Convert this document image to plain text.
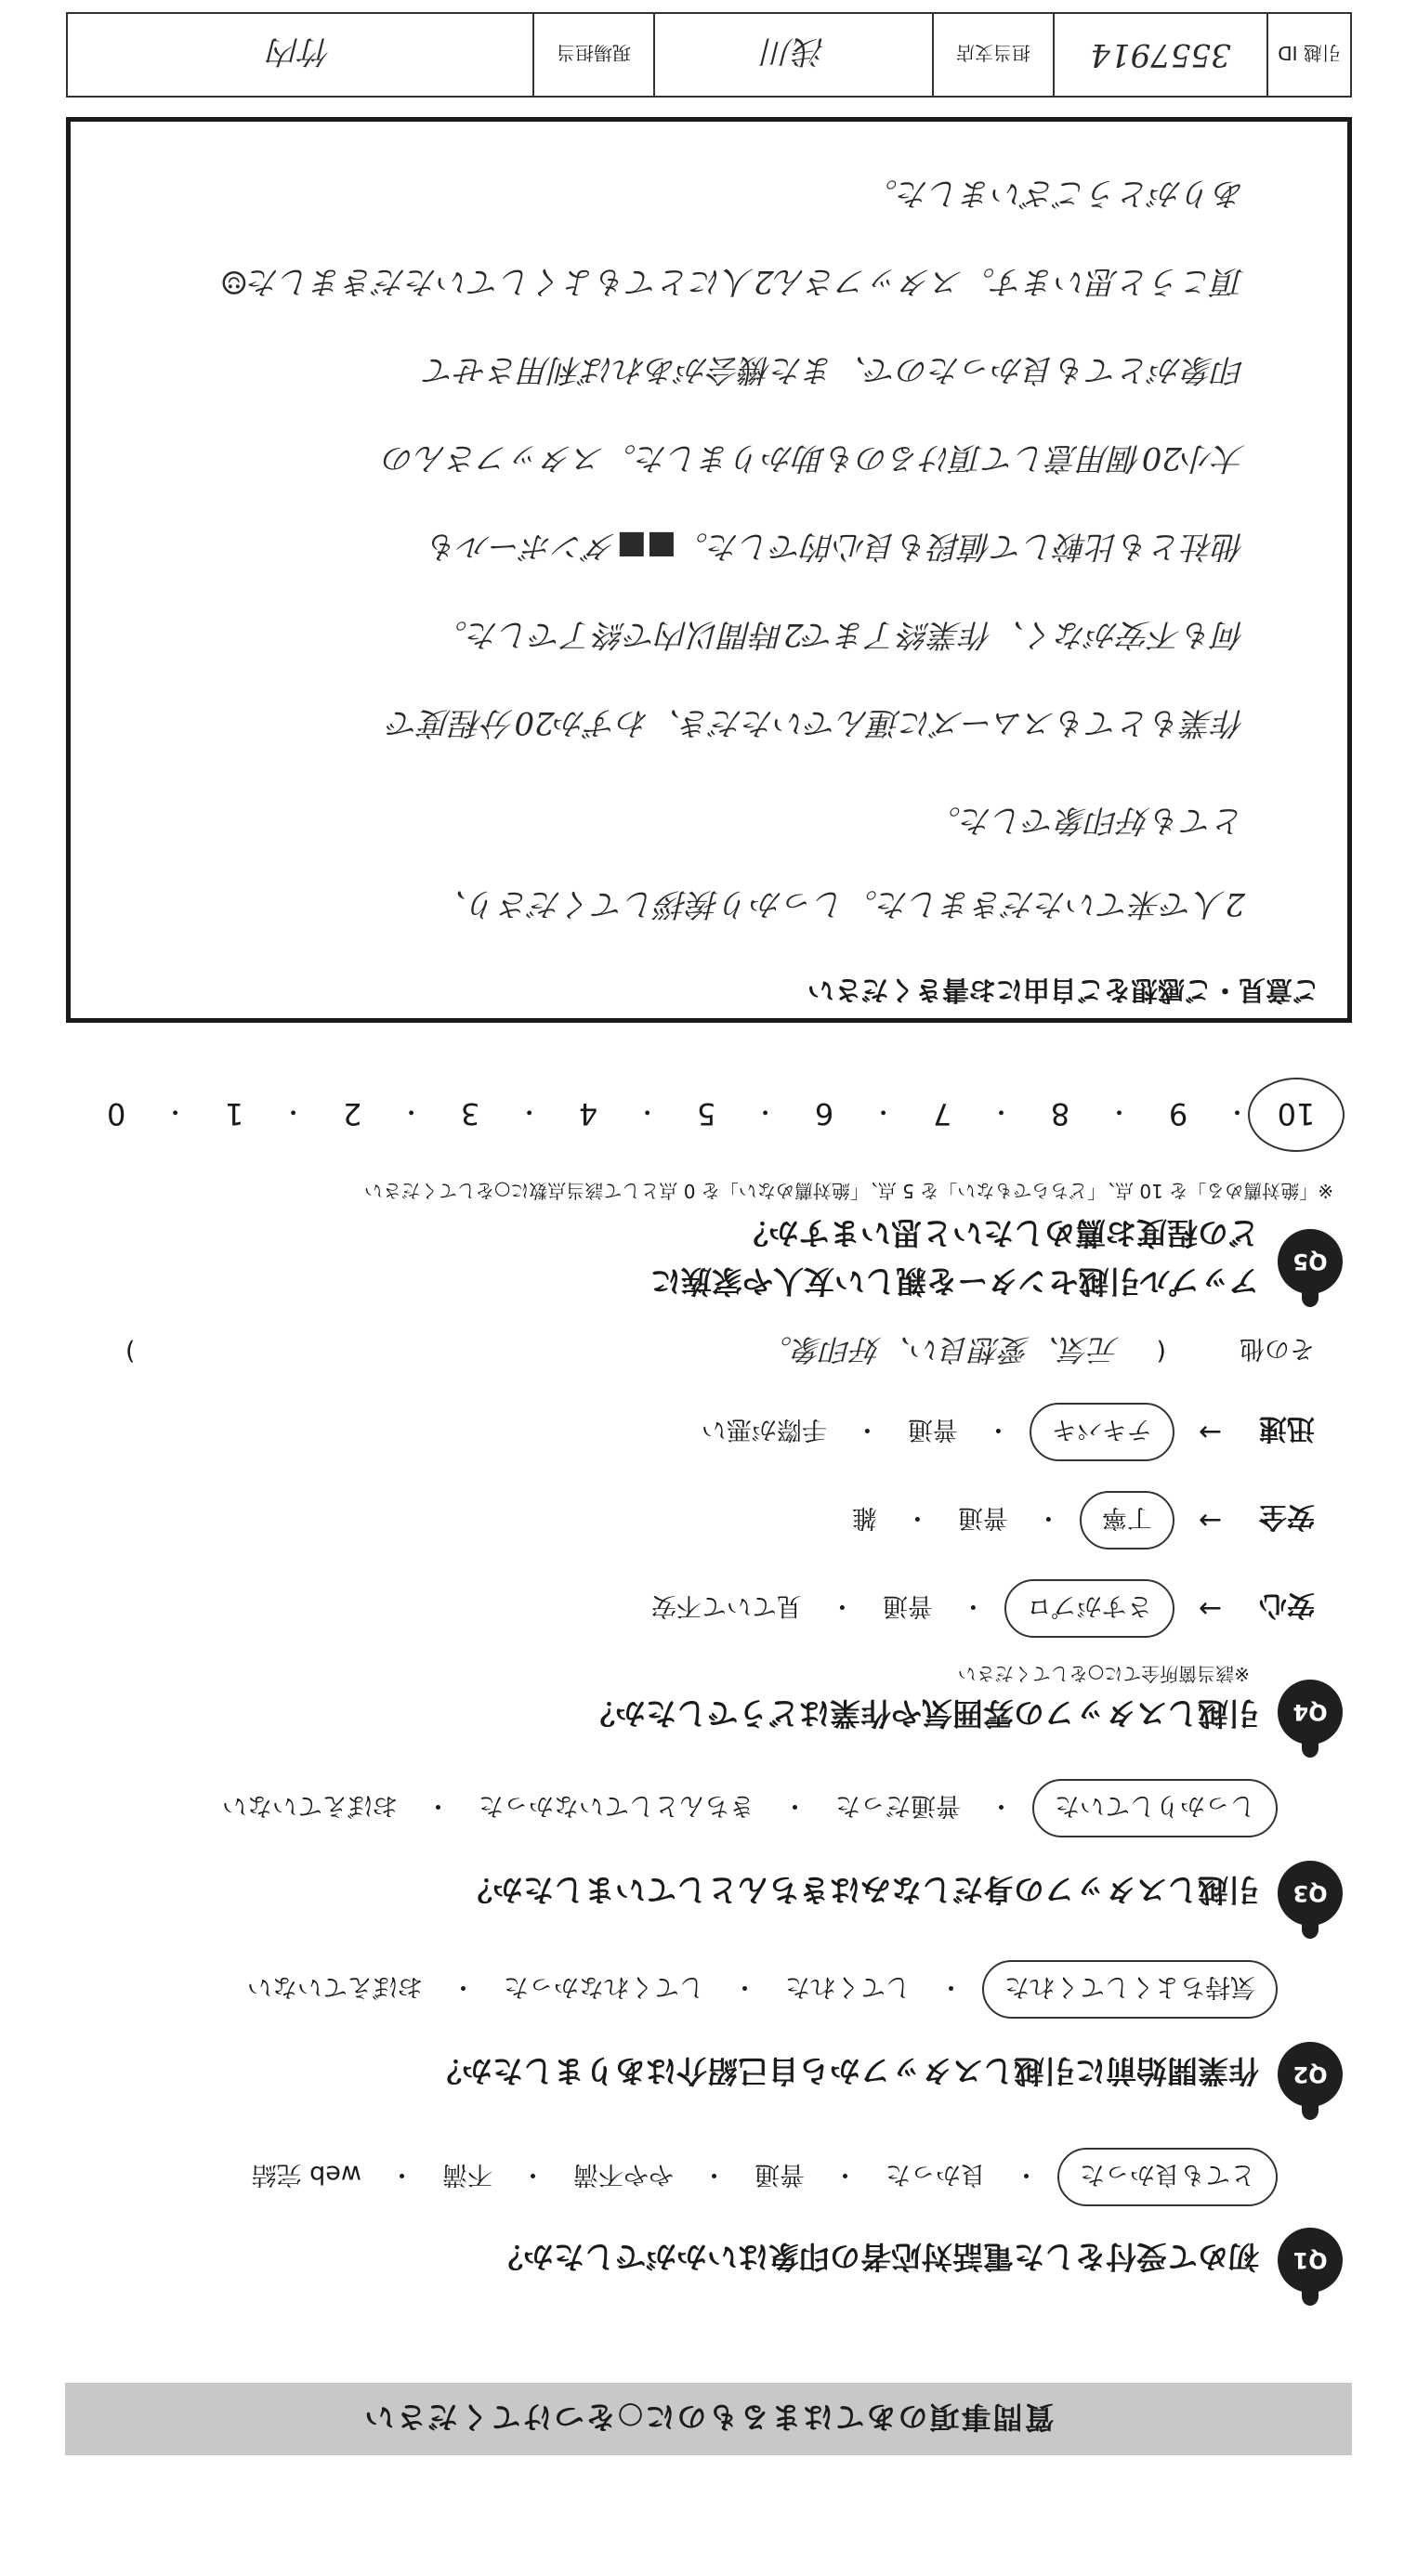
質問事項のあてはまるものに○をつけてください
Q1
初めて受付をした電話対応者の印象はいかがでしたか？
とても良かった
・
良かった
・
普通
・
やや不満
・
不満
・
web 完結
Q2
作業開始前に引越しスタッフから自己紹介はありましたか？
気持ちよくしてくれた
・
してくれた
・
してくれなかった
・
おぼえていない
Q3
引越しスタッフの身だしなみはきちんとしていましたか？
しっかりしていた
・
普通だった
・
きちんとしていなかった
・
おぼえていない
Q4
引越しスタッフの雰囲気や作業はどうでしたか？
※該当箇所全てに○をしてください
安心
→
さすがプロ
・
普通
・
見ていて不安
安全
→
丁寧
・
普通
・
雑
迅速
→
テキパキ
・
普通
・
手際が悪い
その他
(
元気、愛想良い、好印象。
)
Q5
アップル引越センターを親しい友人や家族に
どの程度お薦めしたいと思いますか？
※「絶対薦める」を 10 点、「どちらでもない」を 5 点、「絶対薦めない」を 0 点として該当点数に○をしてください
10
・
9
・
8
・
7
・
6
・
5
・
4
・
3
・
2
・
1
・
0
ご意見・ご感想をご自由にお書きください
2人で来ていただきました。しっかり挨拶してくださり、
とても好印象でした。
作業もとてもスムーズに運んでいただき、わずか20分程度で
何も不安がなく、作業終了まで2時間以内で終了でした。
他社とも比較して値段も良心的でした。■■ダンボールも
大小20個用意して頂けるのも助かりました。スタッフさんの
印象がとても良かったので、また機会があれば利用させて
頂こうと思います。スタッフさん2人にとてもよくしていただきました☺
ありがとうございました。
引越 ID
3557914
担当支店
浅川
現場担当
竹内
